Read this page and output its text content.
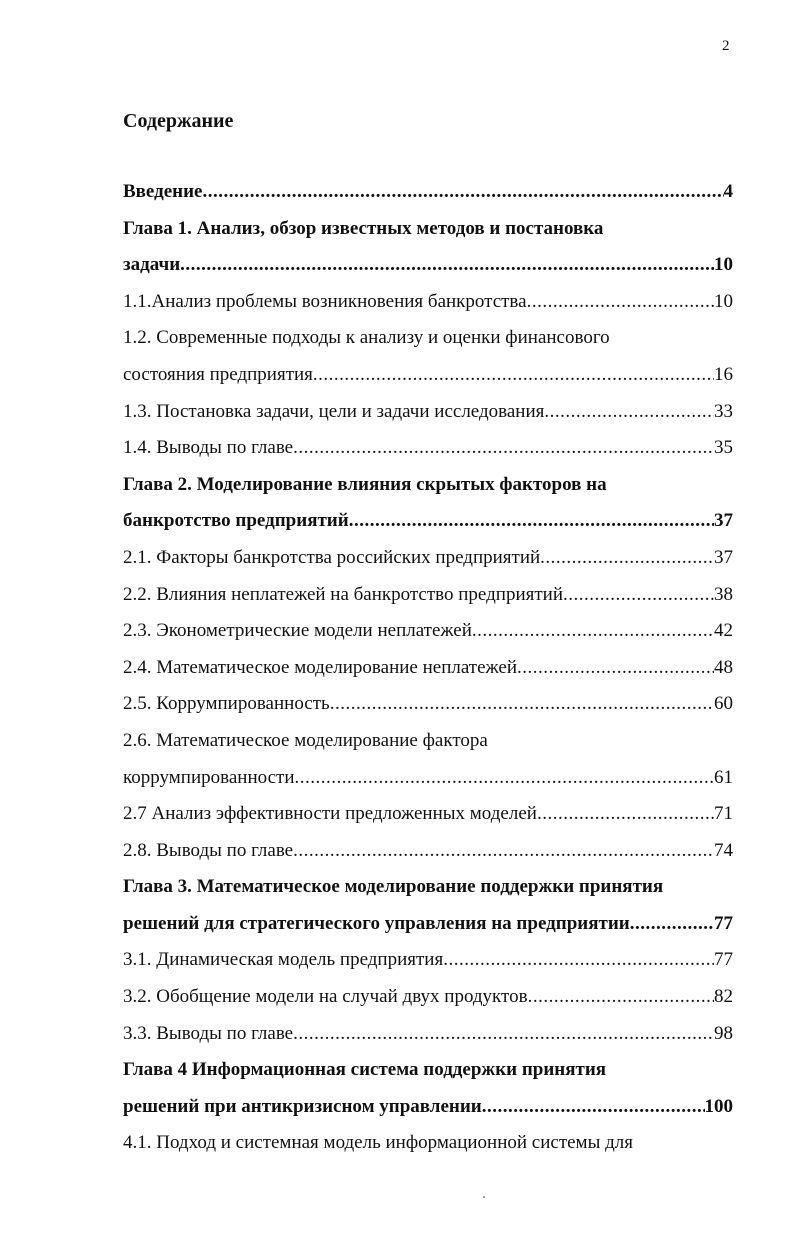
2
Содержание
Введение .....	4
Глава 1. Анализ, обзор известных методов и постановка
задачи .....	10
1.1.Анализ проблемы возникновения банкротства .....	10
1.2. Современные подходы к анализу и оценки финансового
состояния предприятия .....	16
1.3. Постановка задачи, цели и задачи исследования .....	33
1.4. Выводы по главе .....	35
Глава 2. Моделирование влияния скрытых факторов на
банкротство предприятий .....	37
2.1. Факторы банкротства российских предприятий .....	37
2.2. Влияния неплатежей на банкротство предприятий .....	38
2.3. Эконометрические модели неплатежей .....	42
2.4. Математическое моделирование неплатежей .....	48
2.5. Коррумпированность .....	60
2.6. Математическое моделирование фактора
коррумпированности .....	61
2.7 Анализ эффективности предложенных моделей .....	71
2.8. Выводы по главе .....	74
Глава 3. Математическое моделирование поддержки принятия
решений для стратегического управления на предприятии .....	77
3.1. Динамическая модель предприятия .....	77
3.2. Обобщение модели на случай двух продуктов .....	82
3.3. Выводы по главе .....	98
Глава 4 Информационная система поддержки принятия
решений при антикризисном управлении .....	100
4.1. Подход и системная модель информационной системы для
